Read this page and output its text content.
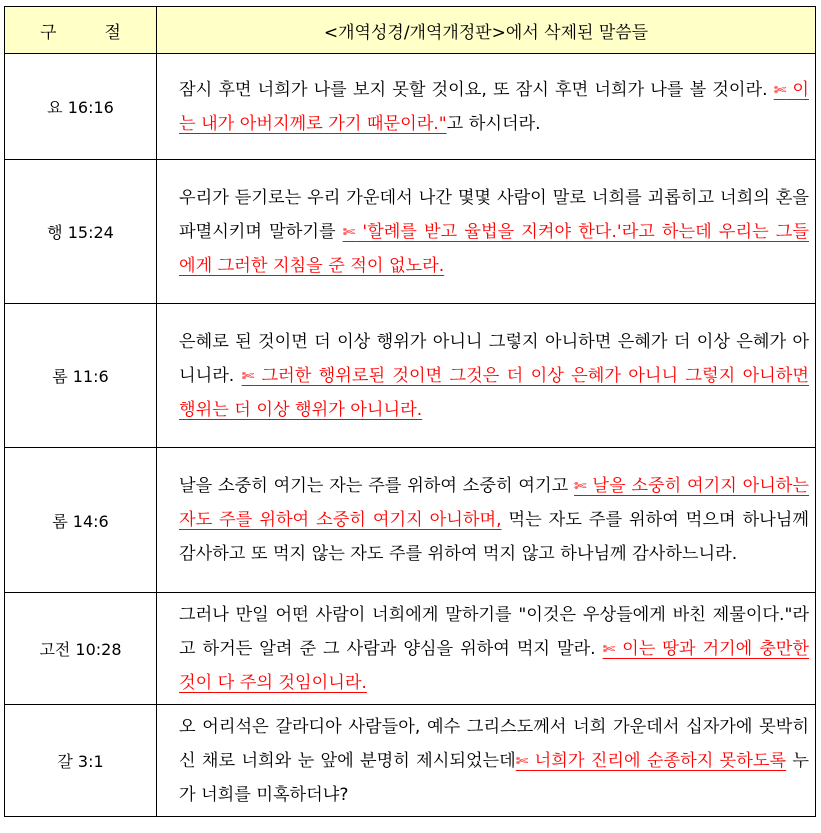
구 절	<개역성경/개역개정판>에서 삭제된 말씀들
요 16:16	잠시 후면 너희가 나를 보지 못할 것이요, 또 잠시 후면 너희가 나를 볼 것이라. ✄ 이는 내가 아버지께로 가기 때문이라."고 하시더라.
행 15:24	우리가 듣기로는 우리 가운데서 나간 몇몇 사람이 말로 너희를 괴롭히고 너희의 혼을 파멸시키며 말하기를 ✄ '할례를 받고 율법을 지켜야 한다.'라고 하는데 우리는 그들에게 그러한 지침을 준 적이 없노라.
롬 11:6	은혜로 된 것이면 더 이상 행위가 아니니 그렇지 아니하면 은혜가 더 이상 은혜가 아니니라. ✄ 그러한 행위로된 것이면 그것은 더 이상 은혜가 아니니 그렇지 아니하면 행위는 더 이상 행위가 아니니라.
롬 14:6	날을 소중히 여기는 자는 주를 위하여 소중히 여기고 ✄ 날을 소중히 여기지 아니하는 자도 주를 위하여 소중히 여기지 아니하며, 먹는 자도 주를 위하여 먹으며 하나님께 감사하고 또 먹지 않는 자도 주를 위하여 먹지 않고 하나님께 감사하느니라.
고전 10:28	그러나 만일 어떤 사람이 너희에게 말하기를 "이것은 우상들에게 바친 제물이다."라고 하거든 알려 준 그 사람과 양심을 위하여 먹지 말라. ✄ 이는 땅과 거기에 충만한 것이 다 주의 것임이니라.
갈 3:1	오 어리석은 갈라디아 사람들아, 예수 그리스도께서 너희 가운데서 십자가에 못박히신 채로 너희와 눈 앞에 분명히 제시되었는데✄ 너희가 진리에 순종하지 못하도록 누가 너희를 미혹하더냐?
